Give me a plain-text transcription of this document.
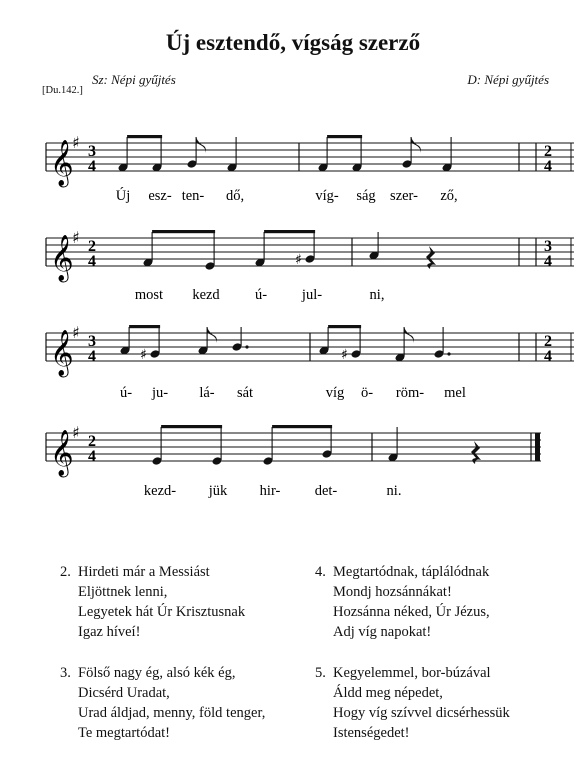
Új esztendő, vígság szerző
[Du.142.]
Sz: Népi gyűjtés	D: Népi gyűjtés
𝄞
♯ 3
4
2
4
Új esz- ten- dő,	víg- ság szer- ző,
𝄞
♯ 2
4
3
4
♯
most kezd ú- jul-	ni,
𝄞
♯ 3
4
2
4
♯	♯
ú- ju- lá- sát	víg ö- röm- mel
𝄞
♯ 2
4
kezd- jük hir- det-	ni.
2. Hirdeti már a Messiást
Eljöttnek lenni,
Legyetek hát Úr Krisztusnak
Igaz híveí!
4. Megtartódnak, táplálódnak
Mondj hozsánnákat!
Hozsánna néked, Úr Jézus,
Adj víg napokat!
3. Fölső nagy ég, alsó kék ég,
Dicsérd Uradat,
Urad áldjad, menny, föld tenger,
Te megtartódat!
5. Kegyelemmel, bor-búzával
Áldd meg népedet,
Hogy víg szívvel dicsérhessük
Istenségedet!
